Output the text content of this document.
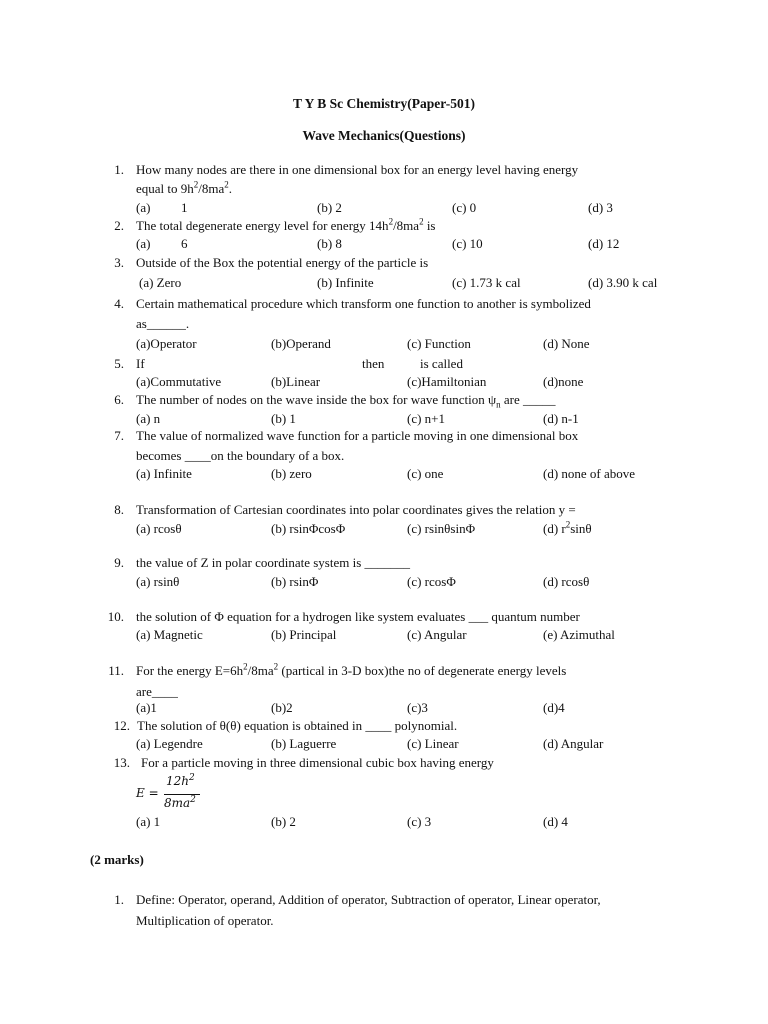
T Y B Sc Chemistry(Paper-501)
Wave Mechanics(Questions)
1. How many nodes are there in one dimensional box for an energy level having energy
equal to $9h^2/8ma^2$.
(a) 1	(b) 2	(c) 0	(d) 3
2. The total degenerate energy level for energy $14h^2/8ma^2$ is
(a) 6	(b) 8	(c) 10	(d) 12
3. Outside of the Box the potential energy of the particle is
(a) Zero	(b) Infinite	(c) 1.73 k cal	(d) 3.90 k cal
4. Certain mathematical procedure which transform one function to another is symbolized
as______.
(a)Operator	(b)Operand	(c) Function	(d) None
5. If	then	is called
(a)Commutative	(b)Linear	(c)Hamiltonian	(d)none
6. The number of nodes on the wave inside the box for wave function $\psi_n$ are _____
(a) n	(b) 1	(c) n+1	(d) n-1
7. The value of normalized wave function for a particle moving in one dimensional box
becomes ____on the boundary of a box.
(a) Infinite	(b) zero	(c) one	(d) none of above
8. Transformation of Cartesian coordinates into polar coordinates gives the relation y =
(a) rcosθ	(b) rsinΦcosΦ	(c) rsinθsinΦ	(d) $r^2\sin\theta$
9. the value of Z in polar coordinate system is _______
(a) rsinθ	(b) rsinΦ	(c) rcosΦ	(d) rcosθ
10. the solution of Φ equation for a hydrogen like system evaluates ___ quantum number
(a) Magnetic	(b) Principal	(c) Angular	(e) Azimuthal
11. For the energy $E=6h^2/8ma^2$ (partical in 3-D box)the no of degenerate energy levels
are____
(a)1	(b)2	(c)3	(d)4
12. The solution of θ(θ) equation is obtained in ____ polynomial.
(a) Legendre	(b) Laguerre	(c) Linear	(d) Angular
13. For a particle moving in three dimensional cubic box having energy
E =
$12h^2$
$8ma^2$
(a) 1	(b) 2	(c) 3	(d) 4
(2 marks)
1. Define: Operator, operand, Addition of operator, Subtraction of operator, Linear operator,
Multiplication of operator.
